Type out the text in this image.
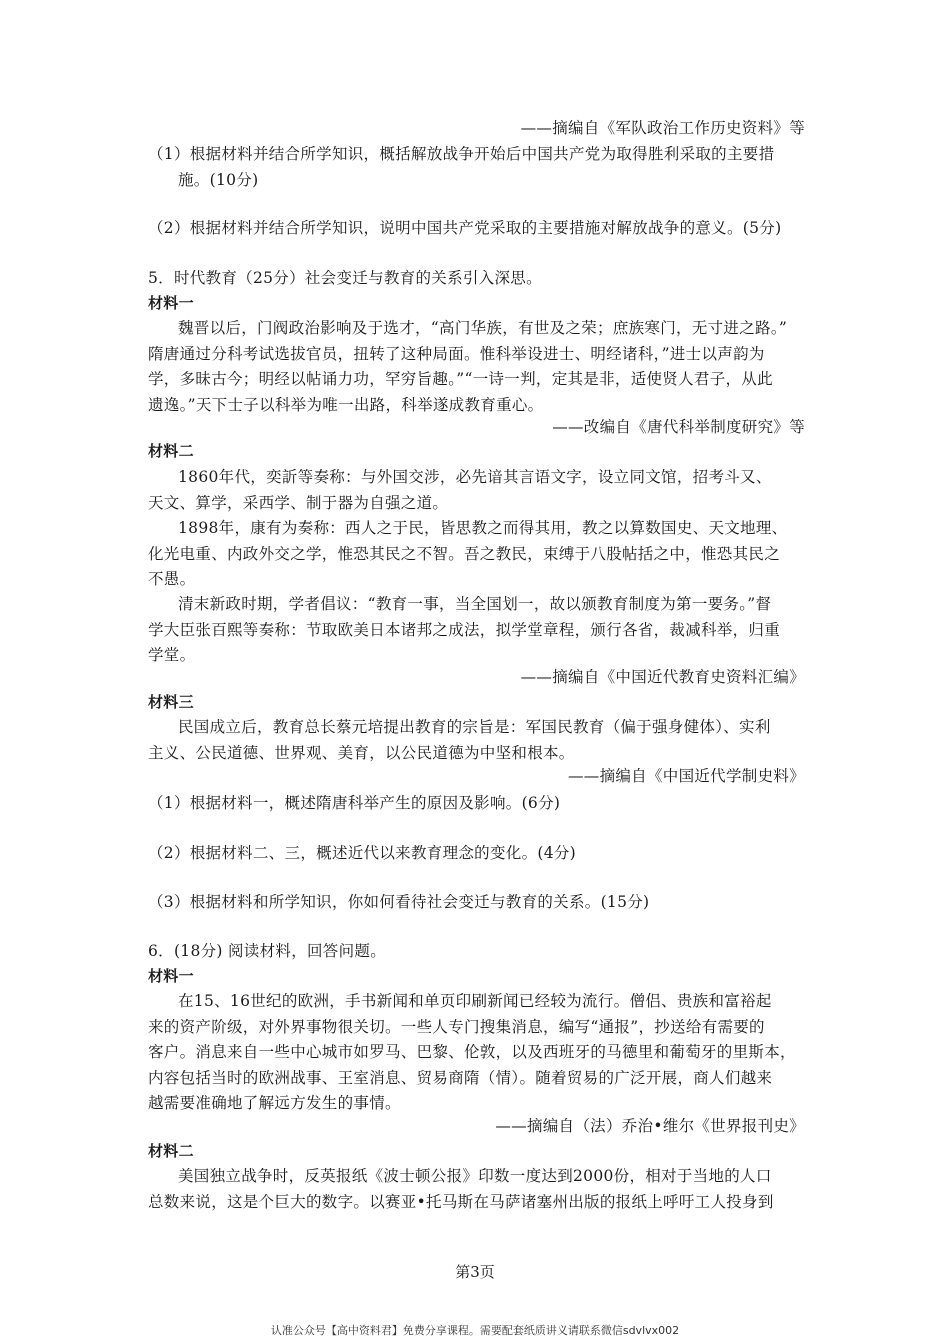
——摘编自《军队政治工作历史资料》等
（1）根据材料并结合所学知识，概括解放战争开始后中国共产党为取得胜利采取的主要措
施。(10分)
（2）根据材料并结合所学知识，说明中国共产党采取的主要措施对解放战争的意义。(5分)
5．时代教育（25分）社会变迁与教育的关系引入深思。
材料一
魏晋以后，门阀政治影响及于选才，“高门华族，有世及之荣；庶族寒门，无寸进之路。”
隋唐通过分科考试选拔官员，扭转了这种局面。惟科举设进士、明经诸科，”进士以声韵为
学，多昧古今；明经以帖诵力功，罕穷旨趣。”“一诗一判，定其是非，适使贤人君子，从此
遗逸。”天下士子以科举为唯一出路，科举遂成教育重心。
——改编自《唐代科举制度研究》等
材料二
1860年代，奕訢等奏称：与外国交涉，必先谙其言语文字，设立同文馆，招考斗又、
天文、算学，采西学、制于器为自强之道。
1898年，康有为奏称：西人之于民，皆思教之而得其用，教之以算数国史、天文地理、
化光电重、内政外交之学，惟恐其民之不智。吾之教民，束缚于八股帖括之中，惟恐其民之
不愚。
清末新政时期，学者倡议：“教育一事，当全国划一，故以颁教育制度为第一要务。”督
学大臣张百熙等奏称：节取欧美日本诸邦之成法，拟学堂章程，颁行各省，裁减科举，归重
学堂。
——摘编自《中国近代教育史资料汇编》
材料三
民国成立后，教育总长蔡元培提出教育的宗旨是：军国民教育（偏于强身健体）、实利
主义、公民道德、世界观、美育，以公民道德为中坚和根本。
——摘编自《中国近代学制史料》
（1）根据材料一，概述隋唐科举产生的原因及影响。(6分)
（2）根据材料二、三，概述近代以来教育理念的变化。(4分)
（3）根据材料和所学知识，你如何看待社会变迁与教育的关系。(15分)
6．(18分) 阅读材料，回答问题。
材料一
在15、16世纪的欧洲，手书新闻和单页印刷新闻已经较为流行。僧侣、贵族和富裕起
来的资产阶级，对外界事物很关切。一些人专门搜集消息，编写“通报”，抄送给有需要的
客户。消息来自一些中心城市如罗马、巴黎、伦敦，以及西班牙的马德里和葡萄牙的里斯本，
内容包括当时的欧洲战事、王室消息、贸易商隋（情）。随着贸易的广泛开展，商人们越来
越需要准确地了解远方发生的事情。
——摘编自（法）乔治•维尔《世界报刊史》
材料二
美国独立战争时，反英报纸《波士顿公报》印数一度达到2000份，相对于当地的人口
总数来说，这是个巨大的数字。以赛亚•托马斯在马萨诸塞州出版的报纸上呼吁工人投身到
第3页
认准公众号【高中资料君】免费分享课程。需要配套纸质讲义请联系微信sdvlvx002
